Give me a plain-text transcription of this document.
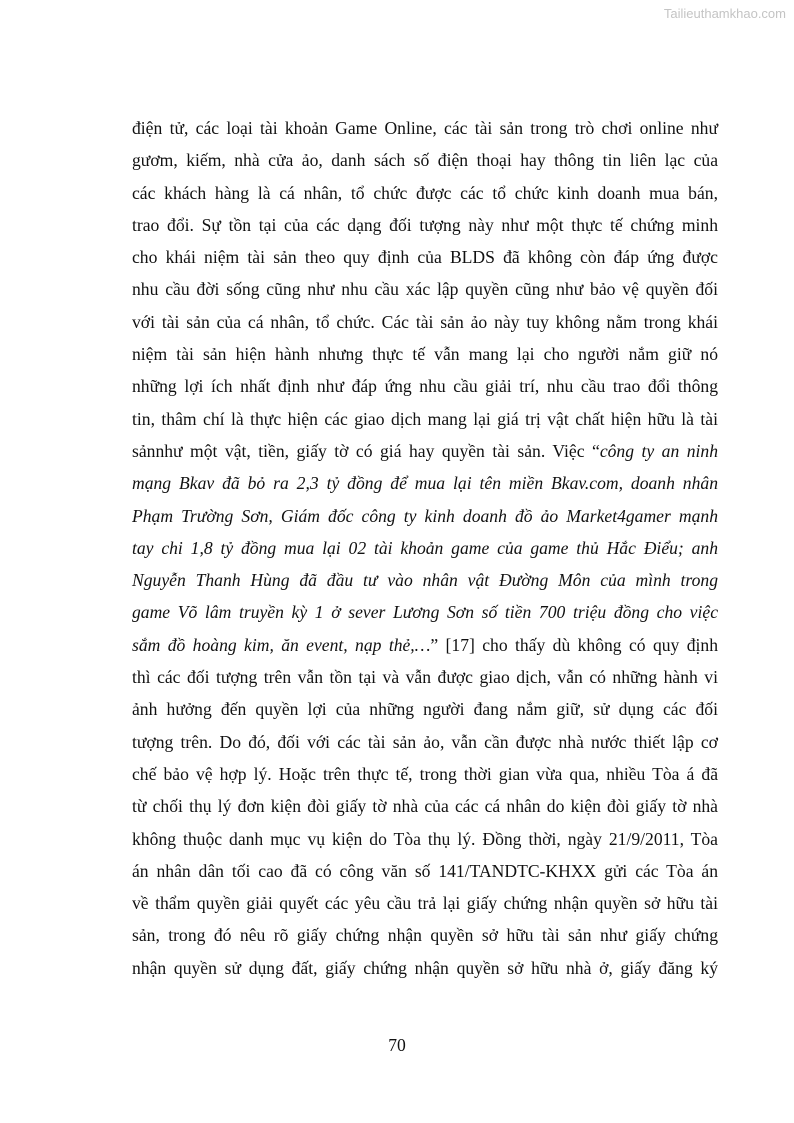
Tailieuthamkhao.com
điện tử, các loại tài khoản Game Online, các tài sản trong trò chơi online như
gươm, kiếm, nhà cửa ảo, danh sách số điện thoại hay thông tin liên lạc của
các khách hàng là cá nhân, tổ chức được các tổ chức kinh doanh mua bán,
trao đổi. Sự tồn tại của các dạng đối tượng này như một thực tế chứng minh
cho khái niệm tài sản theo quy định của BLDS đã không còn đáp ứng được
nhu cầu đời sống cũng như nhu cầu xác lập quyền cũng như bảo vệ quyền đối
với tài sản của cá nhân, tổ chức. Các tài sản ảo này tuy không nằm trong khái
niệm tài sản hiện hành nhưng thực tế vẫn mang lại cho người nắm giữ nó
những lợi ích nhất định như đáp ứng nhu cầu giải trí, nhu cầu trao đổi thông
tin, thâm chí là thực hiện các giao dịch mang lại giá trị vật chất hiện hữu là tài
sảnnhư một vật, tiền, giấy tờ có giá hay quyền tài sản. Việc “công ty an ninh
mạng Bkav đã bỏ ra 2,3 tỷ đồng để mua lại tên miền Bkav.com, doanh nhân
Phạm Trường Sơn, Giám đốc công ty kinh doanh đồ ảo Market4gamer mạnh
tay chi 1,8 tỷ đồng mua lại 02 tài khoản game của game thủ Hắc Điểu; anh
Nguyễn Thanh Hùng đã đầu tư vào nhân vật Đường Môn của mình trong
game Võ lâm truyền kỳ 1 ở sever Lương Sơn số tiền 700 triệu đồng cho việc
sắm đồ hoàng kim, ăn event, nạp thẻ,…” [17] cho thấy dù không có quy định
thì các đối tượng trên vẫn tồn tại và vẫn được giao dịch, vẫn có những hành vi
ảnh hưởng đến quyền lợi của những người đang nắm giữ, sử dụng các đối
tượng trên. Do đó, đối với các tài sản ảo, vẫn cần được nhà nước thiết lập cơ
chế bảo vệ hợp lý. Hoặc trên thực tế, trong thời gian vừa qua, nhiều Tòa á đã
từ chối thụ lý đơn kiện đòi giấy tờ nhà của các cá nhân do kiện đòi giấy tờ nhà
không thuộc danh mục vụ kiện do Tòa thụ lý. Đồng thời, ngày 21/9/2011, Tòa
án nhân dân tối cao đã có công văn số 141/TANDTC-KHXX gửi các Tòa án
về thẩm quyền giải quyết các yêu cầu trả lại giấy chứng nhận quyền sở hữu tài
sản, trong đó nêu rõ giấy chứng nhận quyền sở hữu tài sản như giấy chứng
nhận quyền sử dụng đất, giấy chứng nhận quyền sở hữu nhà ở, giấy đăng ký
70
